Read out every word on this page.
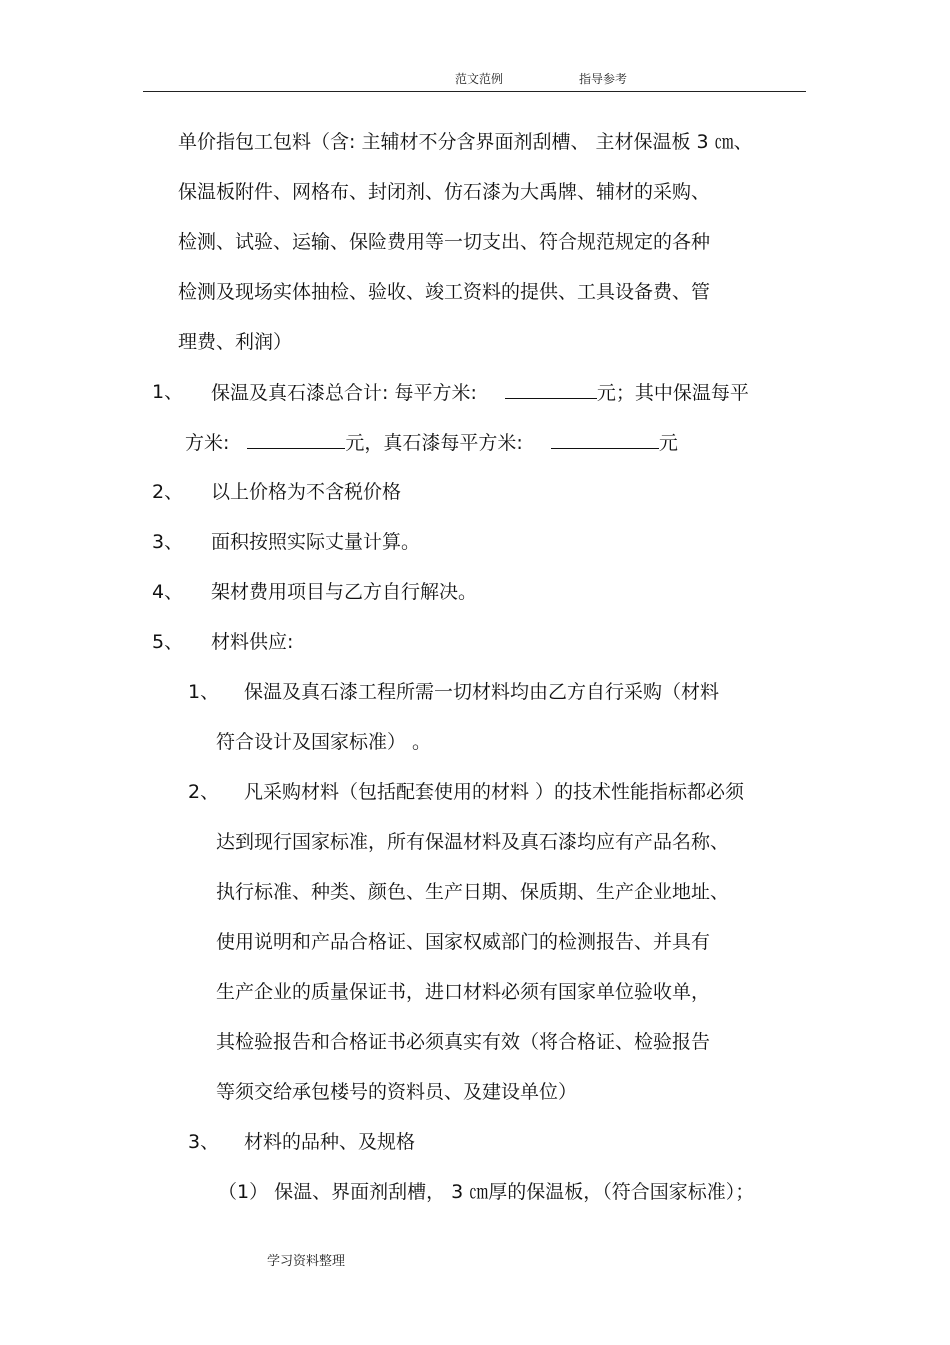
范文范例	指导参考
单价指包工包料（含: 主辅材不分含界面剂刮槽、 主材保温板 3 ㎝、
保温板附件、网格布、封闭剂、仿石漆为大禹牌、辅材的采购、
检测、试验、运输、保险费用等一切支出、符合规范规定的各种
检测及现场实体抽检、验收、竣工资料的提供、工具设备费、管
理费、利润）
1、 保温及真石漆总合计: 每平方米:	元；其中保温每平
方米:	元，真石漆每平方米:	元
2、 以上价格为不含税价格
3、 面积按照实际丈量计算。
4、 架材费用项目与乙方自行解决。
5、 材料供应:
1、 保温及真石漆工程所需一切材料均由乙方自行采购（材料
符合设计及国家标准） 。
2、 凡采购材料（包括配套使用的材料 ）的技术性能指标都必须
达到现行国家标准，所有保温材料及真石漆均应有产品名称、
执行标准、种类、颜色、生产日期、保质期、生产企业地址、
使用说明和产品合格证、国家权威部门的检测报告、并具有
生产企业的质量保证书，进口材料必须有国家单位验收单，
其检验报告和合格证书必须真实有效（将合格证、检验报告
等须交给承包楼号的资料员、及建设单位）
3、 材料的品种、及规格
（1） 保温、界面剂刮槽， 3 ㎝厚的保温板，（符合国家标准）；
学习资料整理
